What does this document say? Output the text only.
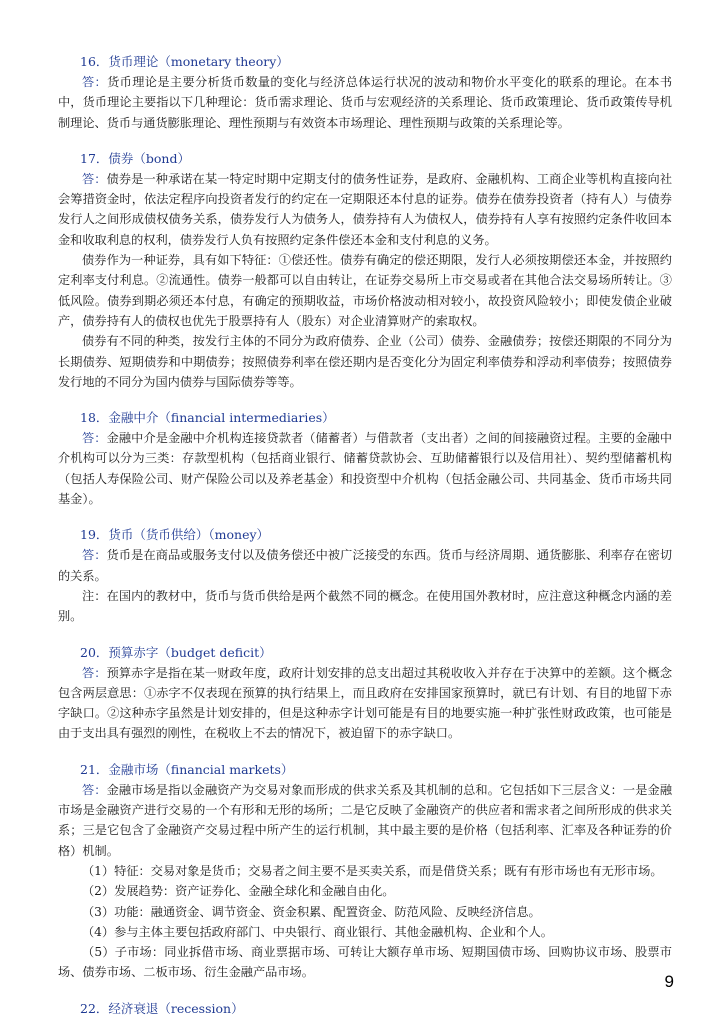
16．货币理论（monetary theory）

答：货币理论是主要分析货币数量的变化与经济总体运行状况的波动和物价水平变化的联系的理论。在本书中，货币理论主要指以下几种理论：货币需求理论、货币与宏观经济的关系理论、货币政策理论、货币政策传导机制理论、货币与通货膨胀理论、理性预期与有效资本市场理论、理性预期与政策的关系理论等。

17．债券（bond）

答：债券是一种承诺在某一特定时期中定期支付的债务性证券，是政府、金融机构、工商企业等机构直接向社会筹措资金时，依法定程序向投资者发行的约定在一定期限还本付息的证券。债券在债券投资者（持有人）与债券发行人之间形成债权债务关系，债券发行人为债务人，债券持有人为债权人，债券持有人享有按照约定条件收回本金和收取利息的权利，债券发行人负有按照约定条件偿还本金和支付利息的义务。

债券作为一种证券，具有如下特征：①偿还性。债券有确定的偿还期限，发行人必须按期偿还本金，并按照约定利率支付利息。②流通性。债券一般都可以自由转让，在证券交易所上市交易或者在其他合法交易场所转让。③低风险。债券到期必须还本付息，有确定的预期收益，市场价格波动相对较小，故投资风险较小；即使发债企业破产，债券持有人的债权也优先于股票持有人（股东）对企业清算财产的索取权。

债券有不同的种类，按发行主体的不同分为政府债券、企业（公司）债券、金融债券；按偿还期限的不同分为长期债券、短期债券和中期债券；按照债券利率在偿还期内是否变化分为固定利率债券和浮动利率债券；按照债券发行地的不同分为国内债券与国际债券等等。

18．金融中介（financial intermediaries）

答：金融中介是金融中介机构连接贷款者（储蓄者）与借款者（支出者）之间的间接融资过程。主要的金融中介机构可以分为三类：存款型机构（包括商业银行、储蓄贷款协会、互助储蓄银行以及信用社）、契约型储蓄机构（包括人寿保险公司、财产保险公司以及养老基金）和投资型中介机构（包括金融公司、共同基金、货币市场共同基金）。

19．货币（货币供给）（money）

答：货币是在商品或服务支付以及债务偿还中被广泛接受的东西。货币与经济周期、通货膨胀、利率存在密切的关系。

注：在国内的教材中，货币与货币供给是两个截然不同的概念。在使用国外教材时，应注意这种概念内涵的差别。

20．预算赤字（budget deficit）

答：预算赤字是指在某一财政年度，政府计划安排的总支出超过其税收收入并存在于决算中的差额。这个概念包含两层意思：①赤字不仅表现在预算的执行结果上，而且政府在安排国家预算时，就已有计划、有目的地留下赤字缺口。②这种赤字虽然是计划安排的，但是这种赤字计划可能是有目的地要实施一种扩张性财政政策，也可能是由于支出具有强烈的刚性，在税收上不去的情况下，被迫留下的赤字缺口。

21．金融市场（financial markets）

答：金融市场是指以金融资产为交易对象而形成的供求关系及其机制的总和。它包括如下三层含义：一是金融市场是金融资产进行交易的一个有形和无形的场所；二是它反映了金融资产的供应者和需求者之间所形成的供求关系；三是它包含了金融资产交易过程中所产生的运行机制，其中最主要的是价格（包括利率、汇率及各种证券的价格）机制。

（1）特征：交易对象是货币；交易者之间主要不是买卖关系，而是借贷关系；既有有形市场也有无形市场。

（2）发展趋势：资产证券化、金融全球化和金融自由化。

（3）功能：融通资金、调节资金、资金积累、配置资金、防范风险、反映经济信息。

（4）参与主体主要包括政府部门、中央银行、商业银行、其他金融机构、企业和个人。

（5）子市场：同业拆借市场、商业票据市场、可转让大额存单市场、短期国债市场、回购协议市场、股票市场、债券市场、二板市场、衍生金融产品市场。

22．经济衰退（recession）

9
